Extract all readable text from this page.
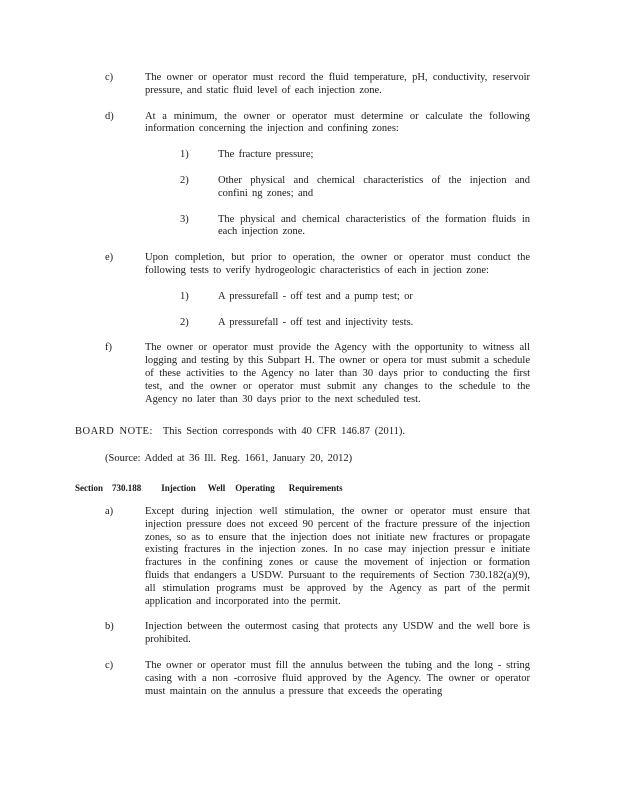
c)	The owner or operator must record the fluid temperature, pH, conductivity, reservoir pressure, and static fluid level of each injection zone.

d)	At a minimum, the owner or operator must determine or calculate the following information concerning the injection and confining zones:

1)	The fracture pressure;

2)	Other physical and chemical characteristics of the injection and confini ng zones; and

3)	The physical and chemical characteristics of the formation fluids in each injection zone.

e)	Upon completion, but prior to operation, the owner or operator must conduct the following tests to verify hydrogeologic characteristics of each in jection zone:

1)	A pressurefall - off test and a pump test; or

2)	A pressurefall - off test and injectivity tests.

f)	The owner or operator must provide the Agency with the opportunity to witness all logging and testing by this Subpart H. The owner or opera tor must submit a schedule of these activities to the Agency no later than 30 days prior to conducting the first test, and the owner or operator must submit any changes to the schedule to the Agency no later than 30 days prior to the next scheduled test.

BOARD NOTE: This Section corresponds with 40 CFR 146.87 (2011).

(Source: Added at 36 Ill. Reg. 1661, January 20, 2012)

Section 730.188 Injection Well Operating Requirements

a)	Except during injection well stimulation, the owner or operator must ensure that injection pressure does not exceed 90 percent of the fracture pressure of the injection zones, so as to ensure that the injection does not initiate new fractures or propagate existing fractures in the injection zones. In no case may injection pressur e initiate fractures in the confining zones or cause the movement of injection or formation fluids that endangers a USDW. Pursuant to the requirements of Section 730.182(a)(9), all stimulation programs must be approved by the Agency as part of the permit application and incorporated into the permit.

b)	Injection between the outermost casing that protects any USDW and the well bore is prohibited.

c)	The owner or operator must fill the annulus between the tubing and the long - string casing with a non -corrosive fluid approved by the Agency. The owner or operator must maintain on the annulus a pressure that exceeds the operating
